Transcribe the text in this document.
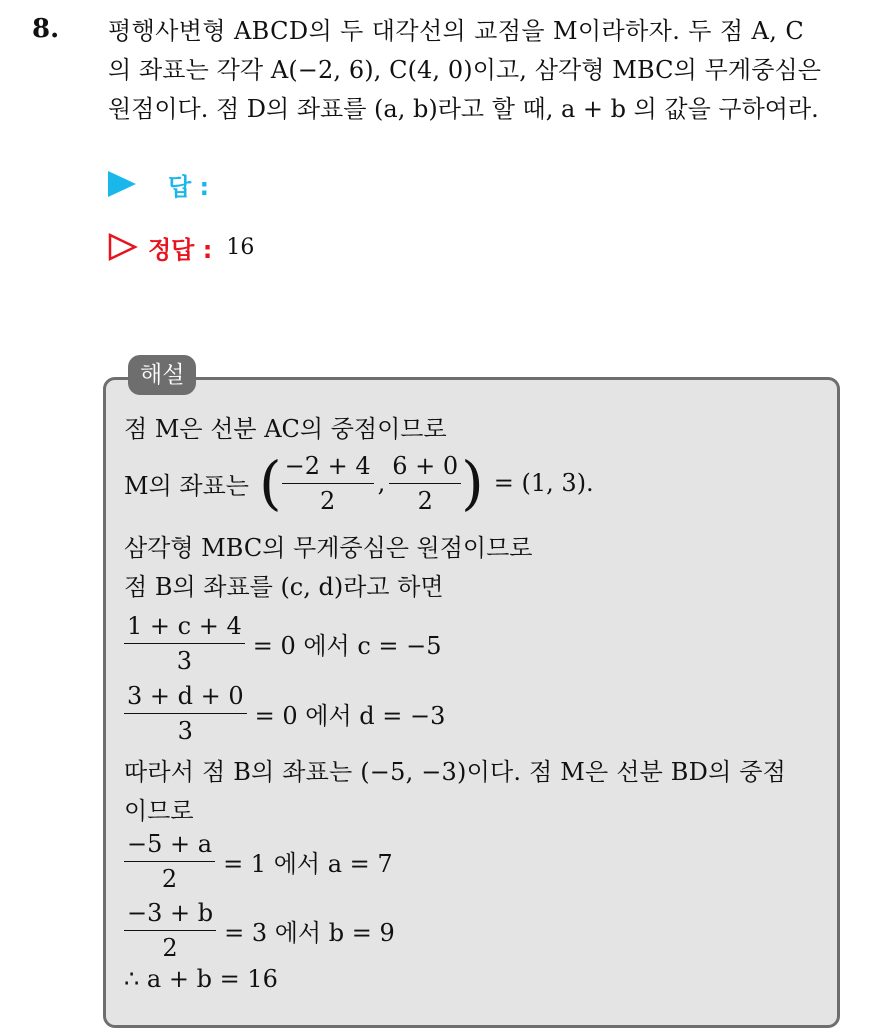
8. 평행사변형 ABCD의 두 대각선의 교점을 M이라하자. 두 점 A, C
의 좌표는 각각 A(−2, 6), C(4, 0)이고, 삼각형 MBC의 무게중심은
원점이다. 점 D의 좌표를 (a, b)라고 할 때, a + b 의 값을 구하여라.
답 :
정답 : 16
해설
점 M은 선분 AC의 중점이므로
M의 좌표는 ( $\frac{-2 + 4}{2}$ , $\frac{6 + 0}{2}$ ) = (1, 3).
삼각형 MBC의 무게중심은 원점이므로
점 B의 좌표를 (c, d)라고 하면
$\frac{1 + c + 4}{3} = 0$ 에서 c = −5
$\frac{3 + d + 0}{3} = 0$ 에서 d = −3
따라서 점 B의 좌표는 (−5, −3)이다. 점 M은 선분 BD의 중점
이므로
$\frac{-5 + a}{2} = 1$ 에서 a = 7
$\frac{-3 + b}{2} = 3$ 에서 b = 9
∴ a + b = 16
